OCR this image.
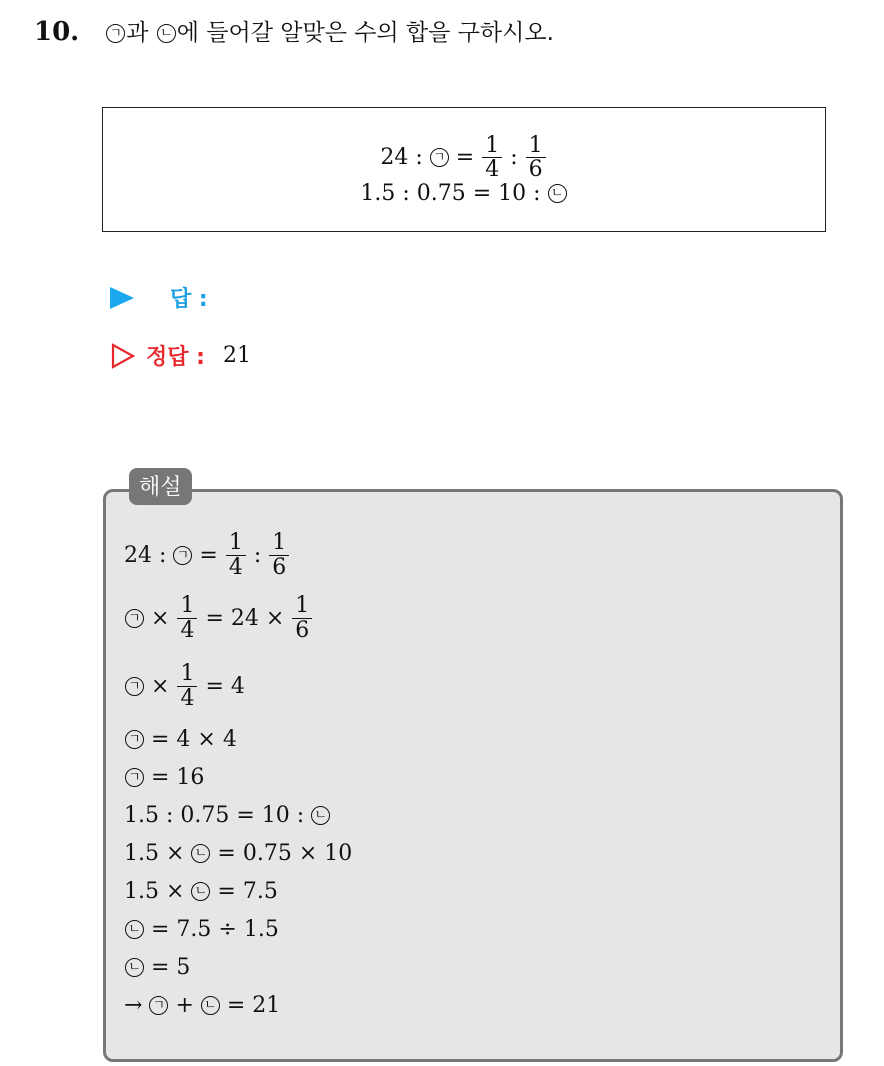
10.	ㄱ 과 ㄴ 에 들어갈 알맞은 수의 합을 구하시오.
24 : ㄱ = $\frac{1}{4}$ : $\frac{1}{6}$
1.5 : 0.75 = 10 : ㄴ
답 :
정답 : 21
해설
24 : ㄱ = $\frac{1}{4}$ : $\frac{1}{6}$
ㄱ × $\frac{1}{4} = 24 \times \frac{1}{6}$
ㄱ × $\frac{1}{4} = 4$
ㄱ = 4 × 4
ㄱ = 16
1.5 : 0.75 = 10 : ㄴ
1.5 × ㄴ = 0.75 × 10
1.5 × ㄴ = 7.5
ㄴ = 7.5 ÷ 1.5
ㄴ = 5
→ ㄱ + ㄴ = 21
